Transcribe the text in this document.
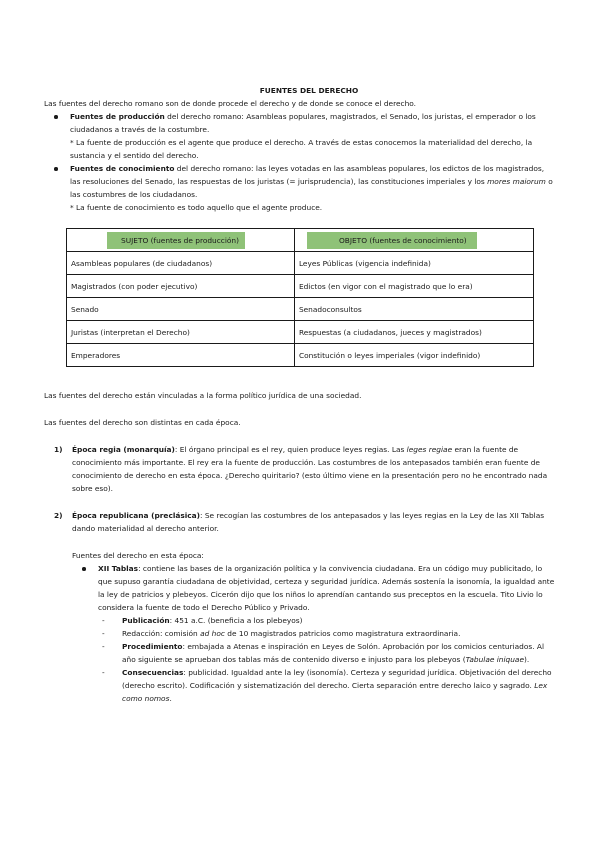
FUENTES DEL DERECHO

Las fuentes del derecho romano son de donde procede el derecho y de donde se conoce el derecho.

Fuentes de producción del derecho romano: Asambleas populares, magistrados, el Senado, los juristas, el emperador o los ciudadanos a través de la costumbre.

* La fuente de producción es el agente que produce el derecho. A través de estas conocemos la materialidad del derecho, la sustancia y el sentido del derecho.

Fuentes de conocimiento del derecho romano: las leyes votadas en las asambleas populares, los edictos de los magistrados, las resoluciones del Senado, las respuestas de los juristas (= jurisprudencia), las constituciones imperiales y los mores maiorum o las costumbres de los ciudadanos.

* La fuente de conocimiento es todo aquello que el agente produce.

SUJETO (fuentes de producción)	OBJETO (fuentes de conocimiento)
Asambleas populares (de ciudadanos)	Leyes Públicas (vigencia indefinida)
Magistrados (con poder ejecutivo)	Edictos (en vigor con el magistrado que lo era)
Senado	Senadoconsultos
Juristas (interpretan el Derecho)	Respuestas (a ciudadanos, jueces y magistrados)
Emperadores	Constitución o leyes imperiales (vigor indefinido)

Las fuentes del derecho están vinculadas a la forma político jurídica de una sociedad.

Las fuentes del derecho son distintas en cada época.

1) Época regia (monarquía): El órgano principal es el rey, quien produce leyes regias. Las leges regiae eran la fuente de conocimiento más importante. El rey era la fuente de producción. Las costumbres de los antepasados también eran fuente de conocimiento de derecho en esta época. ¿Derecho quiritario? (esto último viene en la presentación pero no he encontrado nada sobre eso).
2) Época republicana (preclásica): Se recogían las costumbres de los antepasados y las leyes regias en la Ley de las XII Tablas dando materialidad al derecho anterior.

Fuentes del derecho en esta época:

XII Tablas: contiene las bases de la organización política y la convivencia ciudadana. Era un código muy publicitado, lo que supuso garantía ciudadana de objetividad, certeza y seguridad jurídica. Además sostenía la isonomía, la igualdad ante la ley de patricios y plebeyos. Cicerón dijo que los niños lo aprendían cantando sus preceptos en la escuela. Tito Livio lo considera la fuente de todo el Derecho Público y Privado.
- Publicación: 451 a.C. (beneficia a los plebeyos)
- Redacción: comisión ad hoc de 10 magistrados patricios como magistratura extraordinaria.
- Procedimiento: embajada a Atenas e inspiración en Leyes de Solón. Aprobación por los comicios centuriados. Al año siguiente se aprueban dos tablas más de contenido diverso e injusto para los plebeyos (Tabulae iniquae).
- Consecuencias: publicidad. Igualdad ante la ley (isonomía). Certeza y seguridad jurídica. Objetivación del derecho (derecho escrito). Codificación y sistematización del derecho. Cierta separación entre derecho laico y sagrado. Lex como nomos.
